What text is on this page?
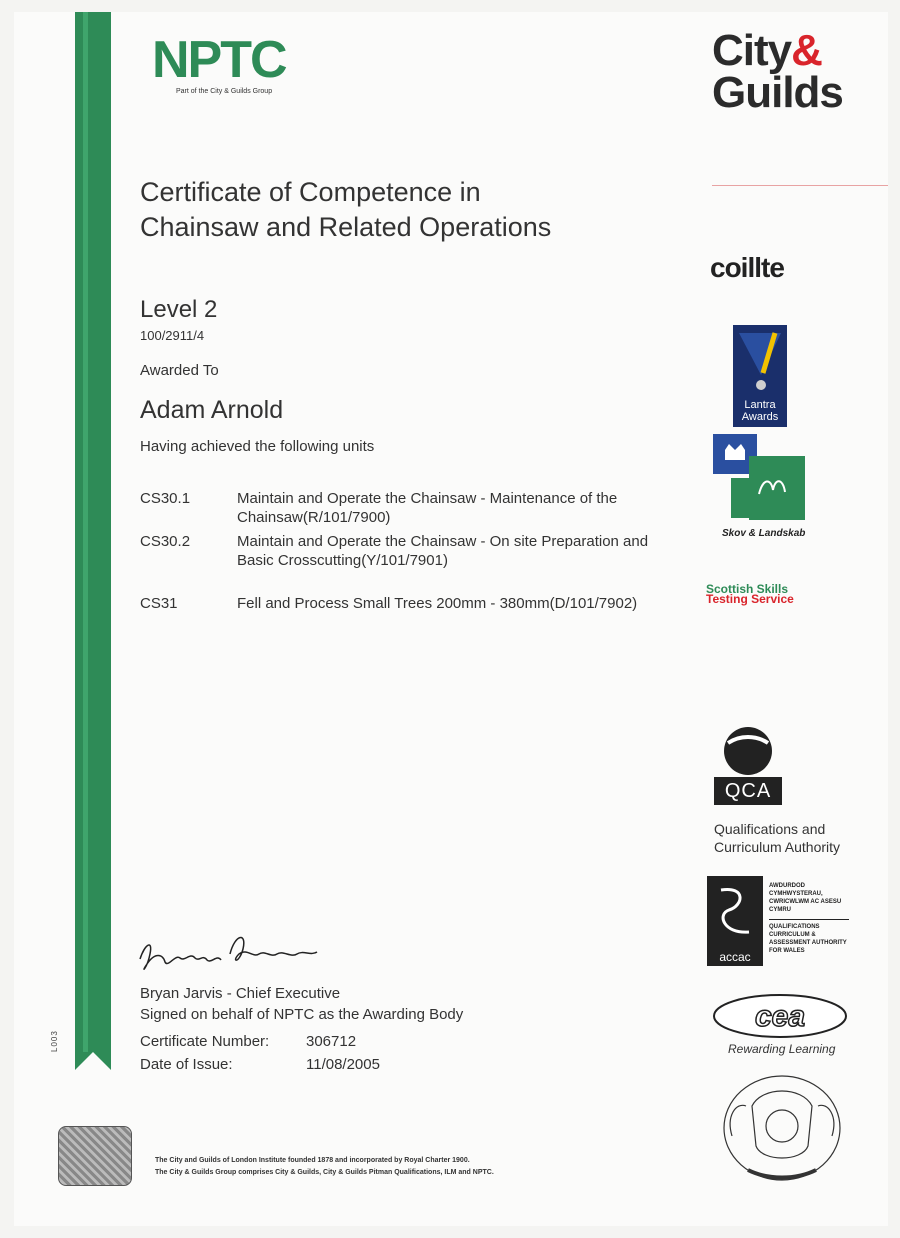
L003
NPTC
Part of the City & Guilds Group
City&
Guilds
Certificate of Competence in Chainsaw and Related Operations
Level 2
100/2911/4
Awarded To
Adam Arnold
Having achieved the following units
CS30.1	Maintain and Operate the Chainsaw - Maintenance of the Chainsaw(R/101/7900)
CS30.2	Maintain and Operate the Chainsaw - On site Preparation and Basic Crosscutting(Y/101/7901)
CS31	Fell and Process Small Trees 200mm - 380mm(D/101/7902)
Bryan Jarvis - Chief Executive
Signed on behalf of NPTC as the Awarding Body
Certificate Number: 306712
Date of Issue:	11/08/2005
The City and Guilds of London Institute founded 1878 and incorporated by Royal Charter 1900.
The City & Guilds Group comprises City & Guilds, City & Guilds Pitman Qualifications, ILM and NPTC.
coillte
Lantra Awards
Skov & Landskab
Scottish Skills
Testing Service
QCA
Qualifications and
Curriculum Authority
accac
AWDURDOD CYMHWYSTERAU, CWRICWLWM AC ASESU CYMRU
QUALIFICATIONS CURRICULUM & ASSESSMENT AUTHORITY FOR WALES
cea
Rewarding Learning
